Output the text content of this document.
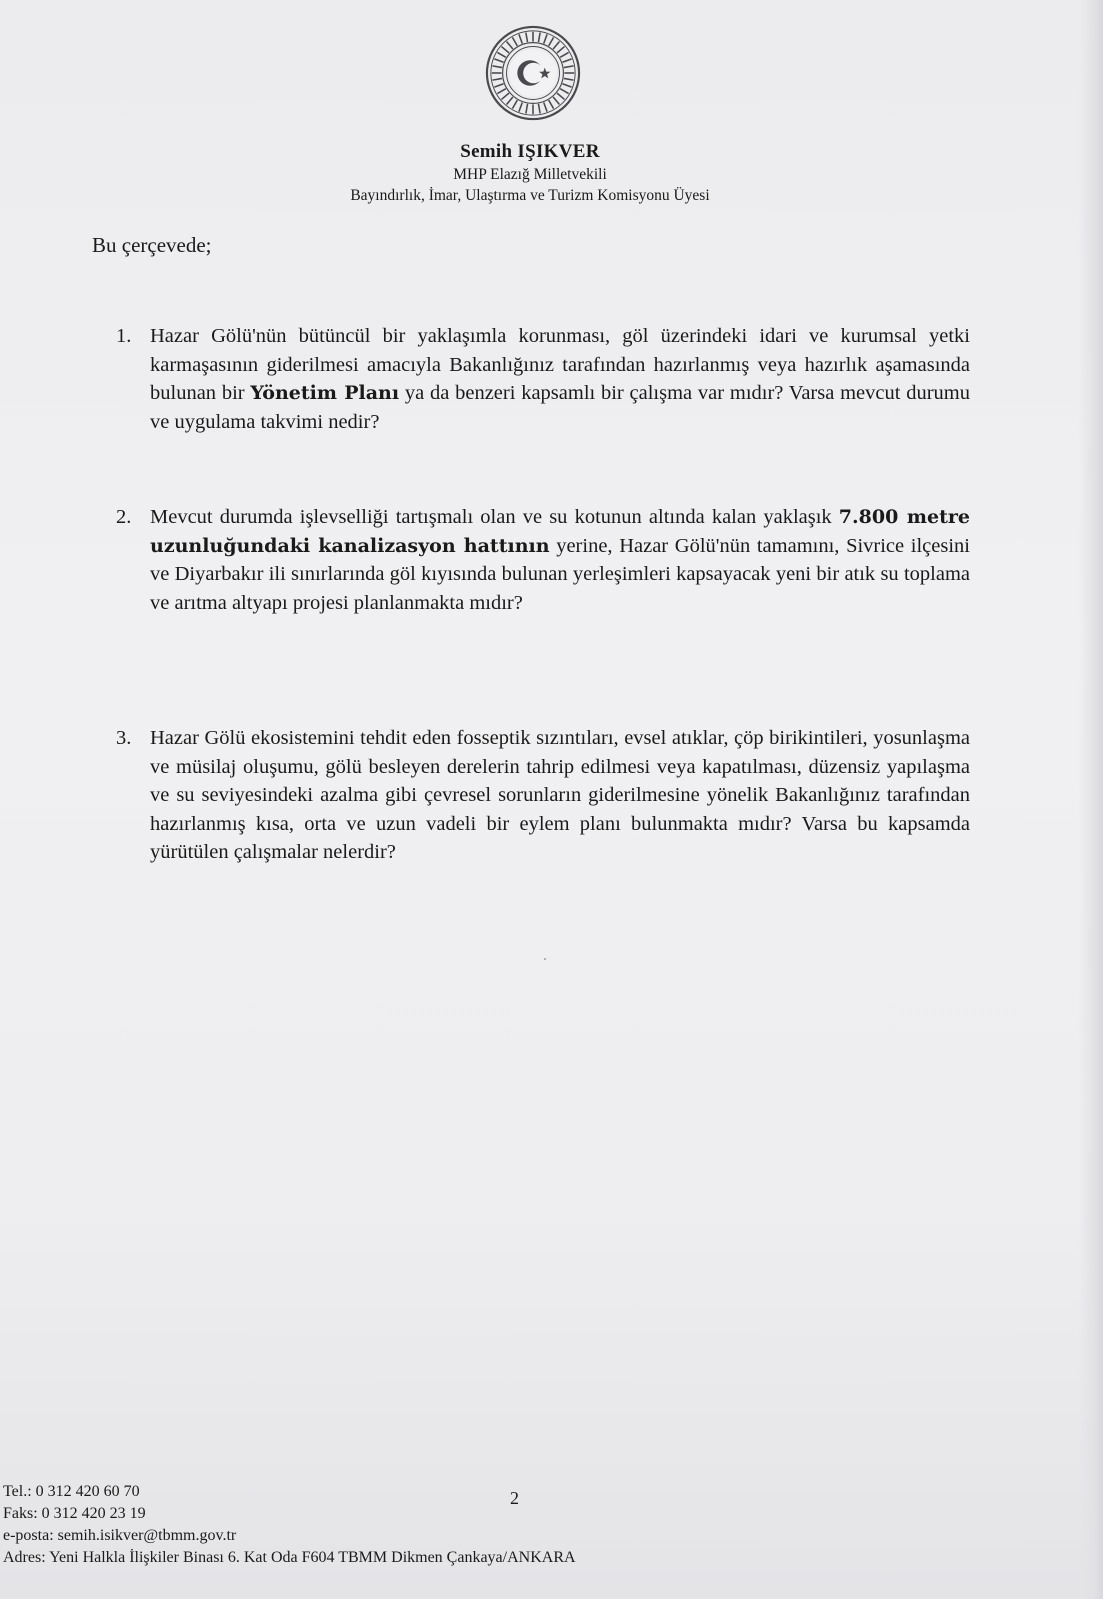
Semih IŞIKVER
MHP Elazığ Milletvekili
Bayındırlık, İmar, Ulaştırma ve Turizm Komisyonu Üyesi
Bu çerçevede;
1. Hazar Gölü'nün bütüncül bir yaklaşımla korunması, göl üzerindeki idari ve kurumsal yetki karmaşasının giderilmesi amacıyla Bakanlığınız tarafından hazırlanmış veya hazırlık aşamasında bulunan bir Yönetim Planı ya da benzeri kapsamlı bir çalışma var mıdır? Varsa mevcut durumu ve uygulama takvimi nedir?
2. Mevcut durumda işlevselliği tartışmalı olan ve su kotunun altında kalan yaklaşık 7.800 metre uzunluğundaki kanalizasyon hattının yerine, Hazar Gölü'nün tamamını, Sivrice ilçesini ve Diyarbakır ili sınırlarında göl kıyısında bulunan yerleşimleri kapsayacak yeni bir atık su toplama ve arıtma altyapı projesi planlanmakta mıdır?
3. Hazar Gölü ekosistemini tehdit eden fosseptik sızıntıları, evsel atıklar, çöp birikintileri, yosunlaşma ve müsilaj oluşumu, gölü besleyen derelerin tahrip edilmesi veya kapatılması, düzensiz yapılaşma ve su seviyesindeki azalma gibi çevresel sorunların giderilmesine yönelik Bakanlığınız tarafından hazırlanmış kısa, orta ve uzun vadeli bir eylem planı bulunmakta mıdır? Varsa bu kapsamda yürütülen çalışmalar nelerdir?
2
Tel.: 0 312 420 60 70
Faks: 0 312 420 23 19
e-posta: semih.isikver@tbmm.gov.tr
Adres: Yeni Halkla İlişkiler Binası 6. Kat Oda F604 TBMM Dikmen Çankaya/ANKARA
